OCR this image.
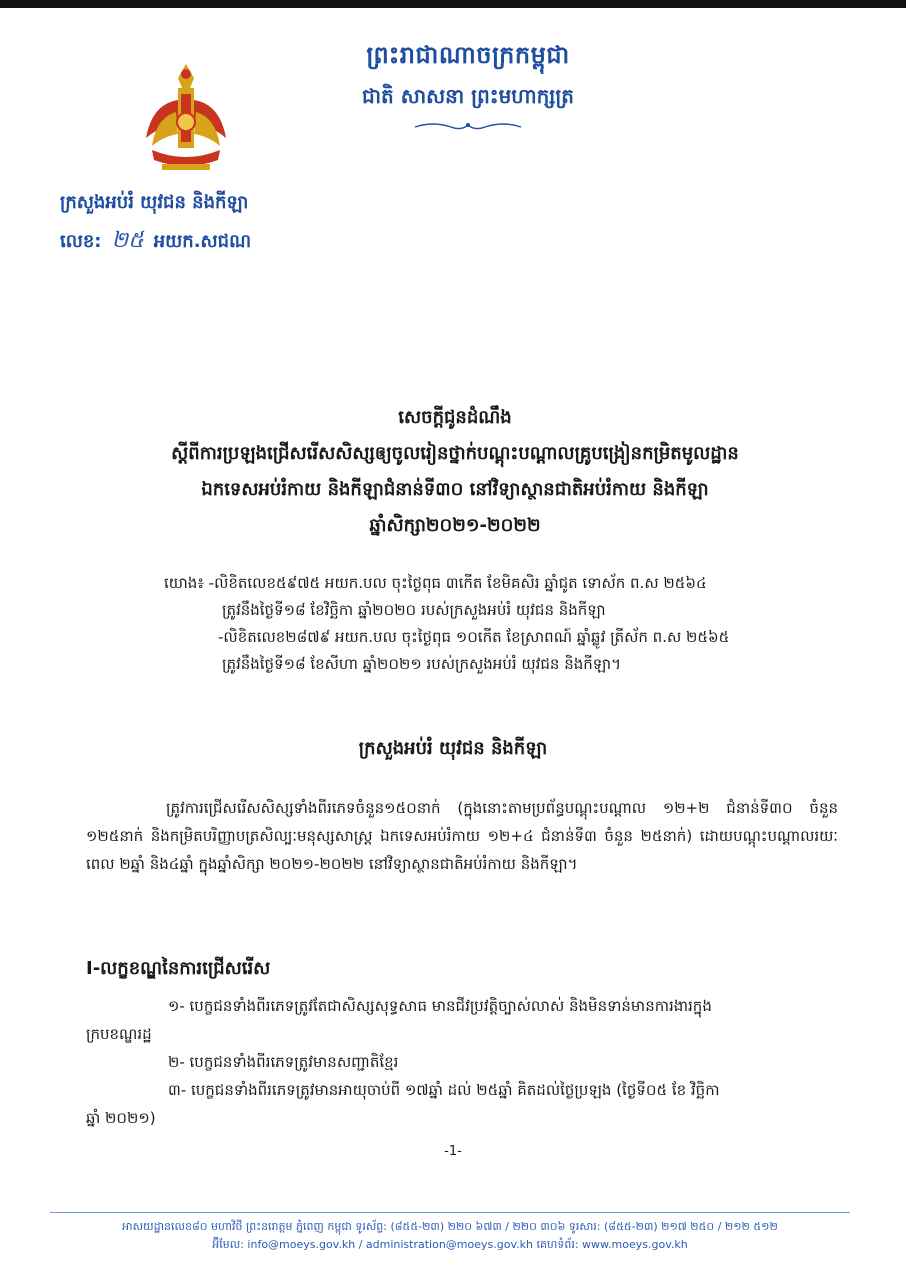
ព្រះរាជាណាចក្រកម្ពុជា
ជាតិ សាសនា ព្រះមហាក្សត្រ
ក្រសួងអប់រំ យុវជន និងកីឡា
លេខ: ២៥ អយក.សជណ
សេចក្តីជូនដំណឹង
ស្តីពីការប្រឡងជ្រើសរើសសិស្សឲ្យចូលរៀនថ្នាក់បណ្តុះបណ្តាលគ្រូបង្រៀនកម្រិតមូលដ្ឋាន
ឯកទេសអប់រំកាយ និងកីឡាជំនាន់ទី៣០ នៅវិទ្យាស្ថានជាតិអប់រំកាយ និងកីឡា
ឆ្នាំសិក្សា២០២១-២០២២
យោង៖ -លិខិតលេខ៥៩៧៥ អយក.បល ចុះថ្ងៃពុធ ៣កើត ខែមិគសិរ ឆ្នាំជូត ទោស័ក ព.ស ២៥៦៤
ត្រូវនឹងថ្ងៃទី១៨ ខែវិច្ឆិកា ឆ្នាំ២០២០ របស់ក្រសួងអប់រំ យុវជន និងកីឡា
-លិខិតលេខ២៨៧៩ អយក.បល ចុះថ្ងៃពុធ ១០កើត ខែស្រាពណ៍ ឆ្នាំឆ្លូវ ត្រីស័ក ព.ស ២៥៦៥
ត្រូវនឹងថ្ងៃទី១៨ ខែសីហា ឆ្នាំ២០២១ របស់ក្រសួងអប់រំ យុវជន និងកីឡា។
ក្រសួងអប់រំ យុវជន និងកីឡា

ត្រូវការជ្រើសរើសសិស្សទាំងពីរភេទចំនួន១៥០នាក់ (ក្នុងនោះតាមប្រព័ន្ធបណ្តុះបណ្តាល ១២+២ ជំនាន់ទី៣០ ចំនួន ១២៥នាក់ និងកម្រិតបរិញ្ញាបត្រសិល្បៈមនុស្សសាស្ត្រ ឯកទេសអប់រំកាយ ១២+៤ ជំនាន់ទី៣ ចំនួន ២៥នាក់) ដោយបណ្តុះបណ្តាលរយៈពេល ២ឆ្នាំ និង៤ឆ្នាំ ក្នុងឆ្នាំសិក្សា ២០២១-២០២២ នៅវិទ្យាស្ថានជាតិអប់រំកាយ និងកីឡា។

I-លក្ខខណ្ឌនៃការជ្រើសរើស
១- បេក្ខជនទាំងពីរភេទត្រូវតែជាសិស្សសុទ្ធសាធ មានជីវប្រវត្តិច្បាស់លាស់ និងមិនទាន់មានការងារក្នុង
ក្របខណ្ឌរដ្ឋ
២- បេក្ខជនទាំងពីរភេទត្រូវមានសញ្ជាតិខ្មែរ
៣- បេក្ខជនទាំងពីរភេទត្រូវមានអាយុចាប់ពី ១៧ឆ្នាំ ដល់ ២៥ឆ្នាំ គិតដល់ថ្ងៃប្រឡង (ថ្ងៃទី០៥ ខែ វិច្ឆិកា
ឆ្នាំ ២០២១)
-1-
អាសយដ្ឋានលេខ៨០ មហាវិថី ព្រះនរោត្តម ភ្នំពេញ កម្ពុជា ទូរស័ព្ទ: (៨៥៥-២៣) ២២០ ៦៧៣ / ២២០ ៣០៦ ទូរសារ: (៨៥៥-២៣) ២១៧ ២៥០ / ២១២ ៥១២
អ៊ីមែល: info@moeys.gov.kh / administration@moeys.gov.kh គេហទំព័រ: www.moeys.gov.kh
